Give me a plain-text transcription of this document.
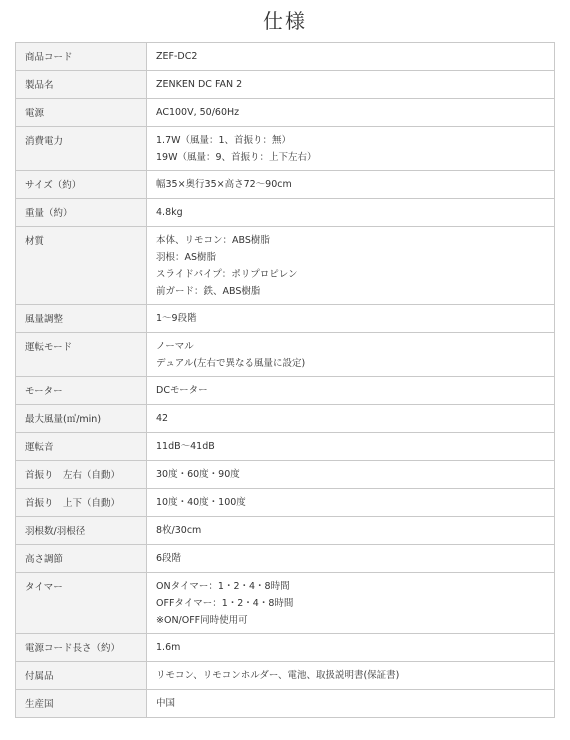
仕様
商品コード	ZEF-DC2

製品名	ZENKEN DC FAN 2

電源	AC100V, 50/60Hz

消費電力	1.7W（風量：1、首振り：無）
19W（風量：9、首振り：上下左右）

サイズ（約）	幅35×奥行35×高さ72～90cm

重量（約）	4.8kg

材質	本体、リモコン：ABS樹脂
羽根：AS樹脂
スライドパイプ：ポリプロピレン
前ガード：鉄、ABS樹脂

風量調整	1～9段階

運転モード	ノーマル
デュアル(左右で異なる風量に設定)

モーター	DCモーター

最大風量(㎥/min)	42

運転音	11dB～41dB

首振り　左右（自動）	30度・60度・90度

首振り　上下（自動）	10度・40度・100度

羽根数/羽根径	8枚/30cm

高さ調節	6段階

タイマー	ONタイマー：1・2・4・8時間
OFFタイマー：1・2・4・8時間
※ON/OFF同時使用可

電源コード長さ（約）	1.6m

付属品	リモコン、リモコンホルダー、電池、取扱説明書(保証書)

生産国	中国
